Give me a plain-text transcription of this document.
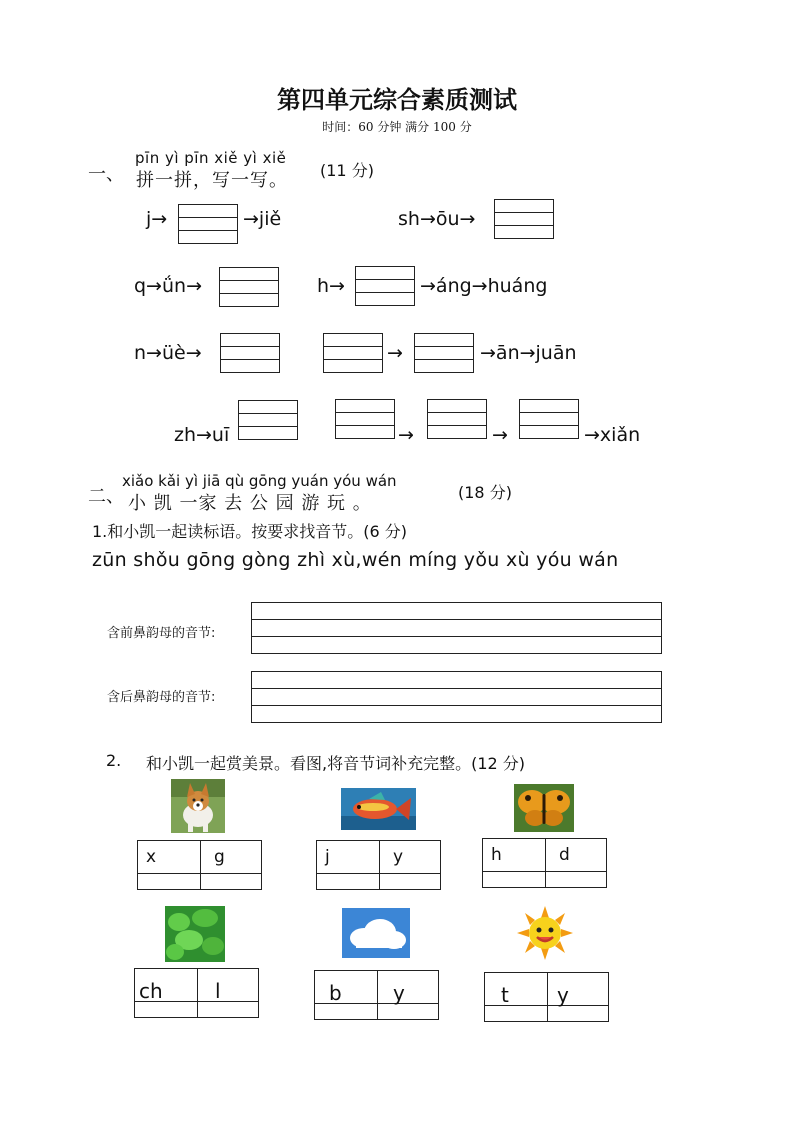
第四单元综合素质测试
时间：60 分钟 满分 100 分
一、
pīn yì pīn xiě yì xiě
拼一拼，写一写。 (11 分)
j→	→jiě	sh→ōu→
q→ǘn→	h→	→áng→huáng
n→üè→	→	→ān→juān
zh→uī	→	→	→xiǎn
二、
xiǎo kǎi yì jiā qù gōng yuán yóu wán
小 凯 一家 去 公 园 游 玩 。
(18 分)
1.和小凯一起读标语。按要求找音节。(6 分)
zūn shǒu gōng gòng zhì xù,wén míng yǒu xù yóu wán
含前鼻韵母的音节:
含后鼻韵母的音节:
2. 和小凯一起赏美景。看图,将音节词补充完整。(12 分)
x	g	j	y	h	d
ch	l	b	y	t y
